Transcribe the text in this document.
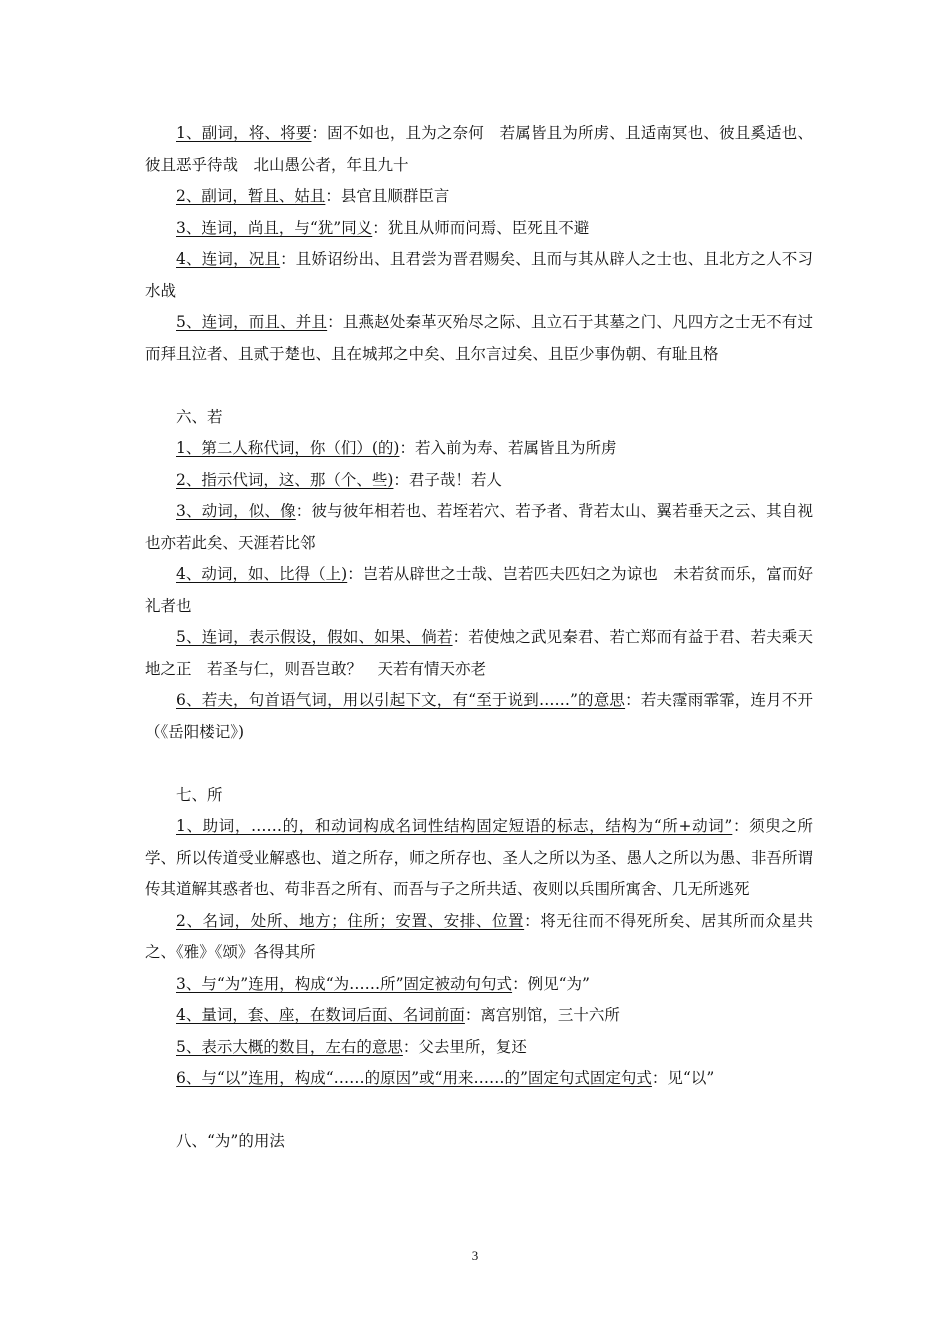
1、副词，将、将要：固不如也，且为之奈何　若属皆且为所虏、且适南冥也、彼且奚适也、彼且恶乎待哉　北山愚公者，年且九十

2、副词，暂且、姑且：县官且顺群臣言

3、连词，尚且，与“犹”同义：犹且从师而问焉、臣死且不避

4、连词，况且：且娇诏纷出、且君尝为晋君赐矣、且而与其从辟人之士也、且北方之人不习水战

5、连词，而且、并且：且燕赵处秦革灭殆尽之际、且立石于其墓之门、凡四方之士无不有过而拜且泣者、且贰于楚也、且在城邦之中矣、且尔言过矣、且臣少事伪朝、有耻且格

六、若

1、第二人称代词，你（们）(的)：若入前为寿、若属皆且为所虏

2、指示代词，这、那（个、些)：君子哉！若人

3、动词，似、像：彼与彼年相若也、若垤若穴、若予者、背若太山、翼若垂天之云、其自视也亦若此矣、天涯若比邻

4、动词，如、比得（上)：岂若从辟世之士哉、岂若匹夫匹妇之为谅也　未若贫而乐，富而好礼者也

5、连词，表示假设，假如、如果、倘若：若使烛之武见秦君、若亡郑而有益于君、若夫乘天地之正　若圣与仁，则吾岂敢？　天若有情天亦老

6、若夫，句首语气词，用以引起下文，有“至于说到……”的意思：若夫霪雨霏霏，连月不开（《岳阳楼记》)

七、所

1、助词，……的，和动词构成名词性结构固定短语的标志，结构为“所+动词”：须臾之所学、所以传道受业解惑也、道之所存，师之所存也、圣人之所以为圣、愚人之所以为愚、非吾所谓传其道解其惑者也、苟非吾之所有、而吾与子之所共适、夜则以兵围所寓舍、几无所逃死

2、名词，处所、地方；住所；安置、安排、位置：将无往而不得死所矣、居其所而众星共之、《雅》《颂》各得其所

3、与“为”连用，构成“为……所”固定被动句句式：例见“为”

4、量词，套、座，在数词后面、名词前面：离宫别馆，三十六所

5、表示大概的数目，左右的意思：父去里所，复还

6、与“以”连用，构成“……的原因”或“用来……的”固定句式固定句式：见“以”

八、“为”的用法

3
